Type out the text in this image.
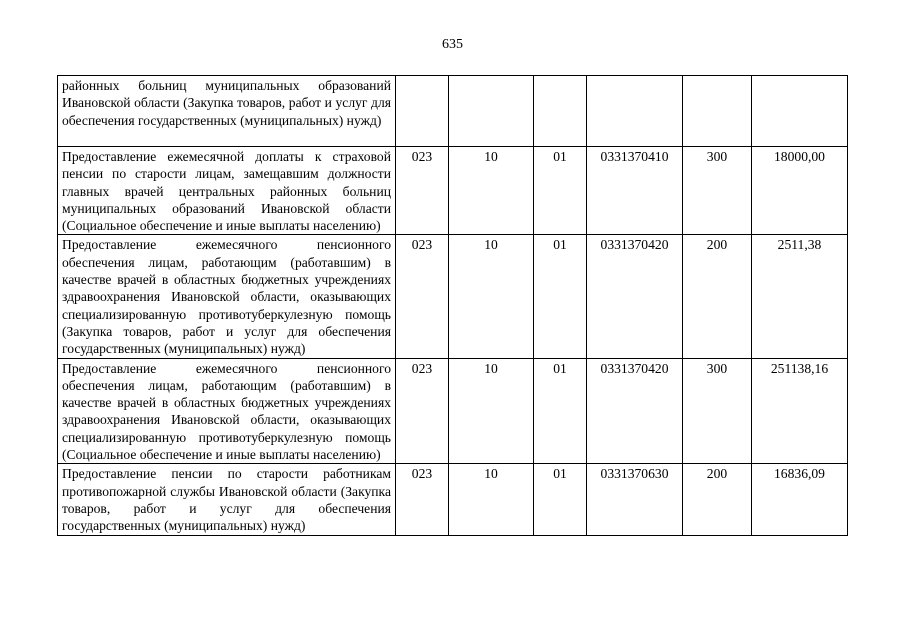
635
районных больниц муниципальных образований Ивановской области (Закупка товаров, работ и услуг для обеспечения государственных (муниципальных) нужд)						
Предоставление ежемесячной доплаты к страховой пенсии по старости лицам, замещавшим должности главных врачей центральных районных больниц муниципальных образований Ивановской области (Социальное обеспечение и иные выплаты населению)	023	10	01	0331370410	300	18000,00
Предоставление ежемесячного пенсионного обеспечения лицам, работающим (работавшим) в качестве врачей в областных бюджетных учреждениях здравоохранения Ивановской области, оказывающих специализированную противотуберкулезную помощь (Закупка товаров, работ и услуг для обеспечения государственных (муниципальных) нужд)	023	10	01	0331370420	200	2511,38
Предоставление ежемесячного пенсионного обеспечения лицам, работающим (работавшим) в качестве врачей в областных бюджетных учреждениях здравоохранения Ивановской области, оказывающих специализированную противотуберкулезную помощь (Социальное обеспечение и иные выплаты населению)	023	10	01	0331370420	300	251138,16
Предоставление пенсии по старости работникам противопожарной службы Ивановской области (Закупка товаров, работ и услуг для обеспечения государственных (муниципальных) нужд)	023	10	01	0331370630	200	16836,09
